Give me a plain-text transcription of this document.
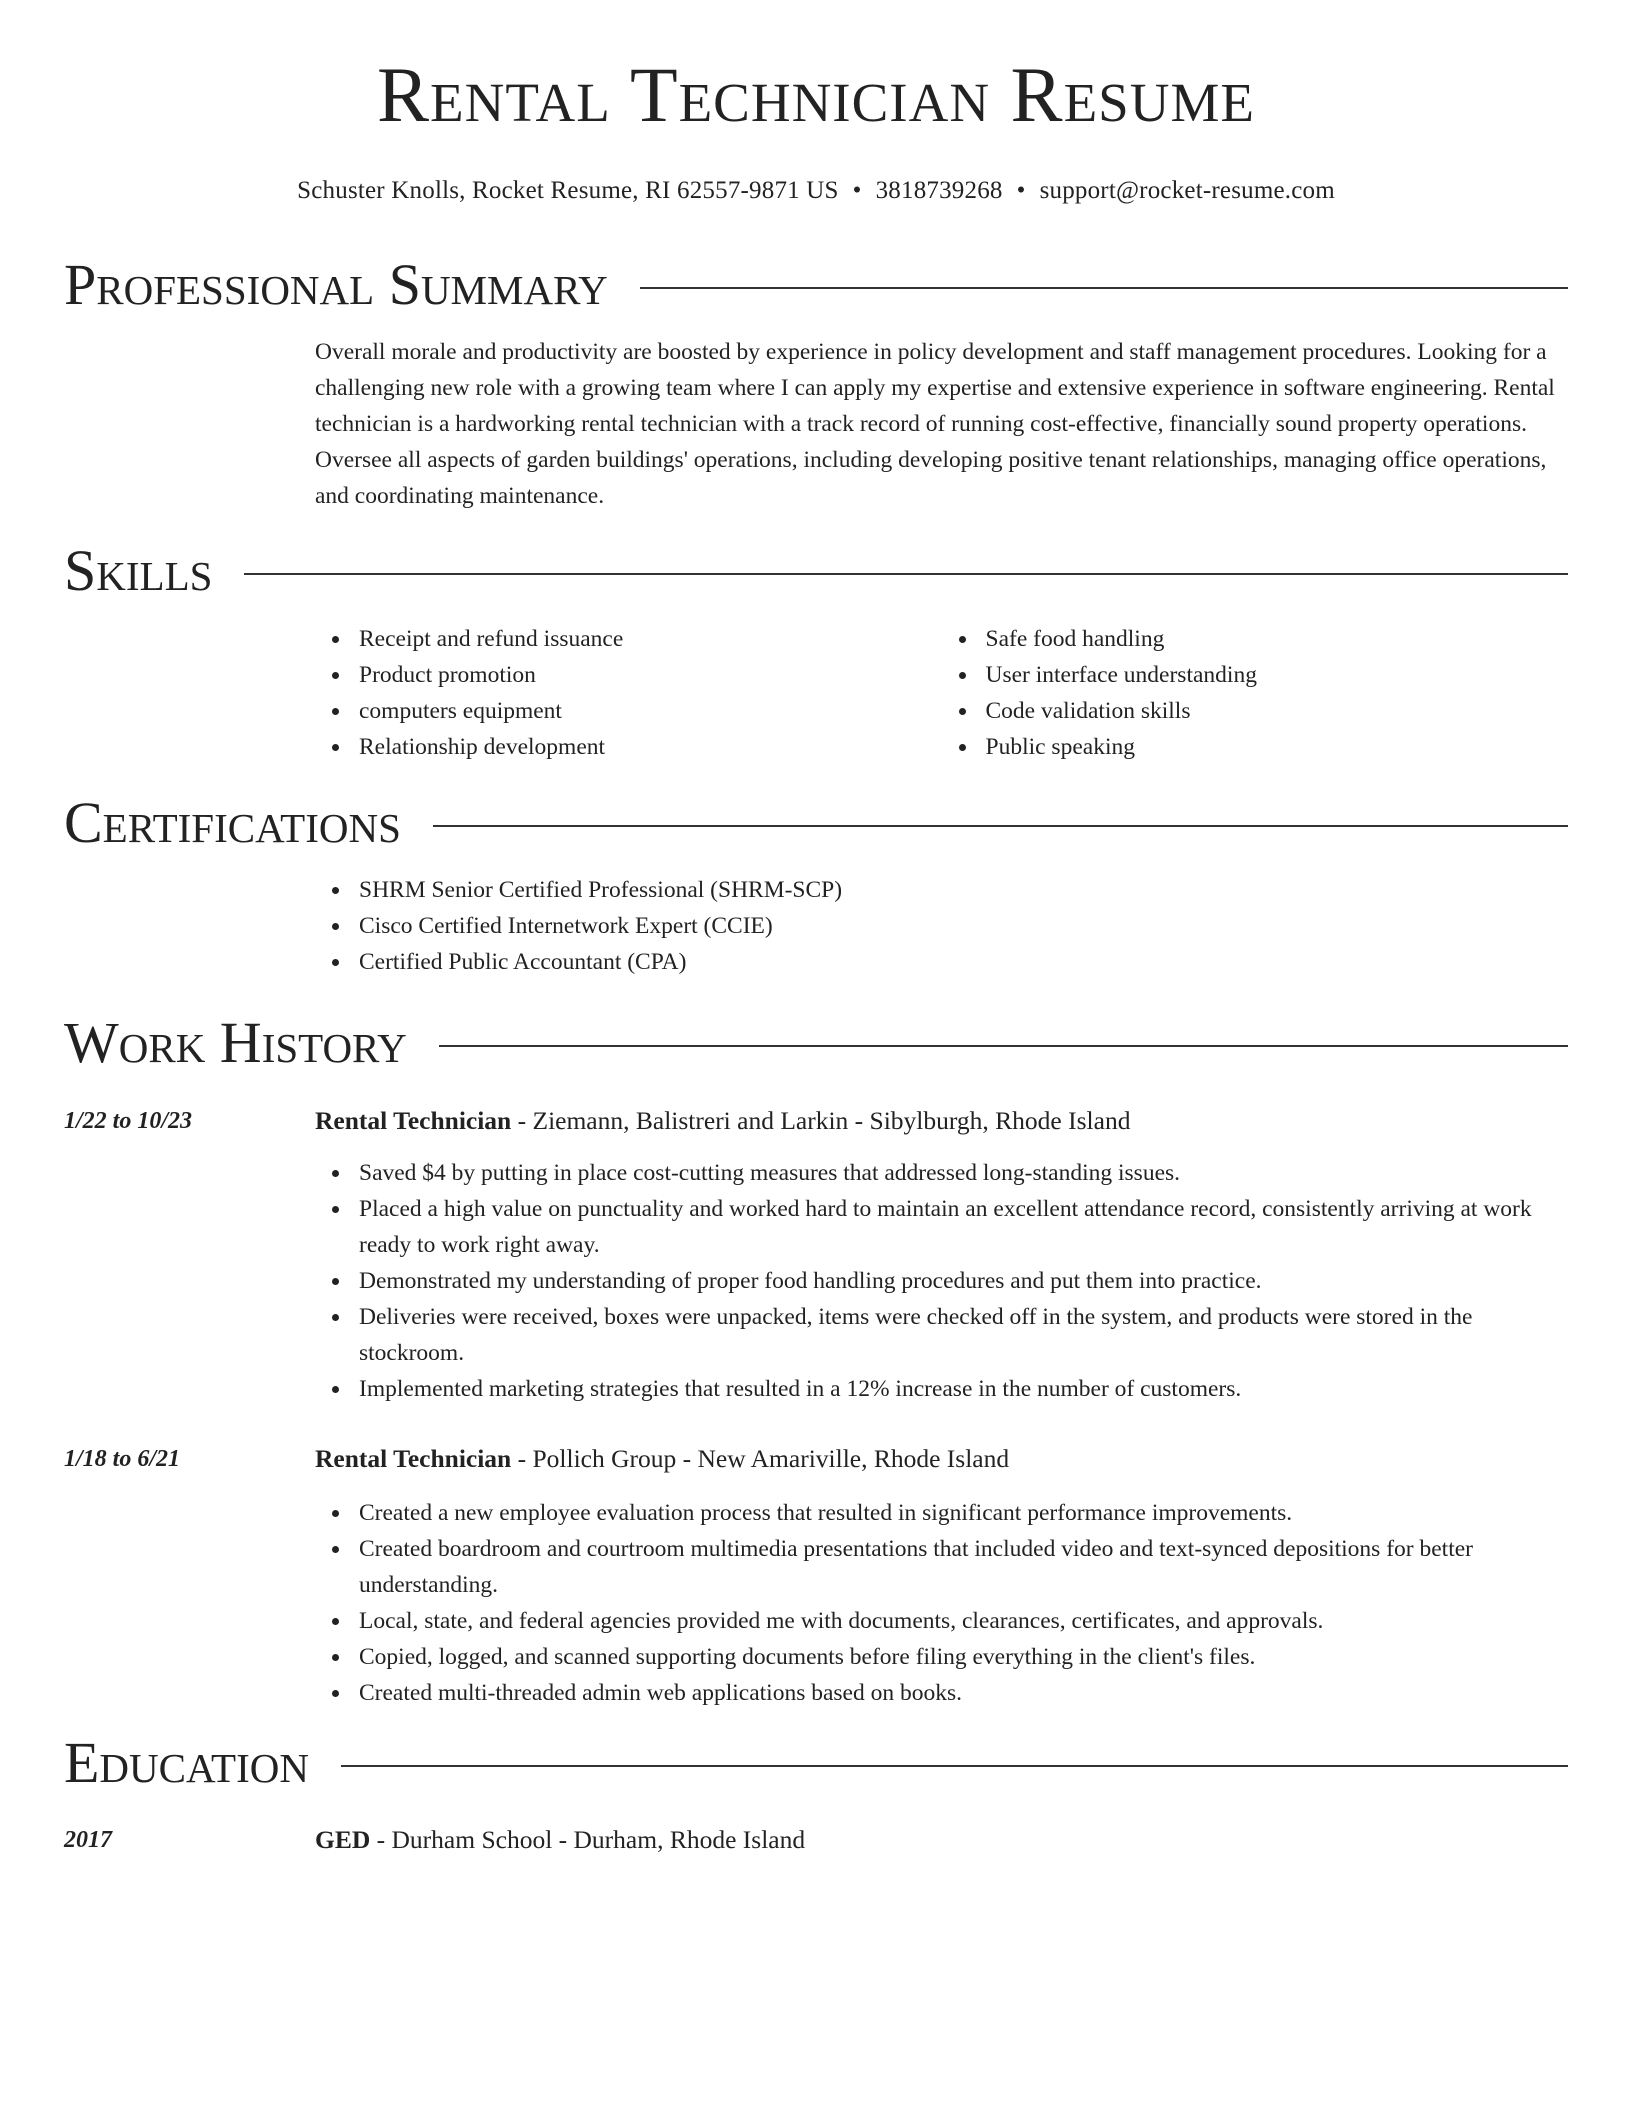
Rental Technician Resume
Schuster Knolls, Rocket Resume, RI 62557-9871 US • 3818739268 • support@rocket-resume.com
Professional Summary

Overall morale and productivity are boosted by experience in policy development and staff management procedures. Looking for a challenging new role with a growing team where I can apply my expertise and extensive experience in software engineering. Rental technician is a hardworking rental technician with a track record of running cost-effective, financially sound property operations. Oversee all aspects of garden buildings' operations, including developing positive tenant relationships, managing office operations, and coordinating maintenance.

Skills
Receipt and refund issuance
Product promotion
computers equipment
Relationship development
Safe food handling
User interface understanding
Code validation skills
Public speaking
Certifications
SHRM Senior Certified Professional (SHRM-SCP)
Cisco Certified Internetwork Expert (CCIE)
Certified Public Accountant (CPA)
Work History
1/22 to 10/23	Rental Technician - Ziemann, Balistreri and Larkin - Sibylburgh, Rhode Island
Saved $4 by putting in place cost-cutting measures that addressed long-standing issues.
Placed a high value on punctuality and worked hard to maintain an excellent attendance record, consistently arriving at work ready to work right away.
Demonstrated my understanding of proper food handling procedures and put them into practice.
Deliveries were received, boxes were unpacked, items were checked off in the system, and products were stored in the stockroom.
Implemented marketing strategies that resulted in a 12% increase in the number of customers.
1/18 to 6/21	Rental Technician - Pollich Group - New Amariville, Rhode Island
Created a new employee evaluation process that resulted in significant performance improvements.
Created boardroom and courtroom multimedia presentations that included video and text-synced depositions for better understanding.
Local, state, and federal agencies provided me with documents, clearances, certificates, and approvals.
Copied, logged, and scanned supporting documents before filing everything in the client's files.
Created multi-threaded admin web applications based on books.
Education
2017	GED - Durham School - Durham, Rhode Island
